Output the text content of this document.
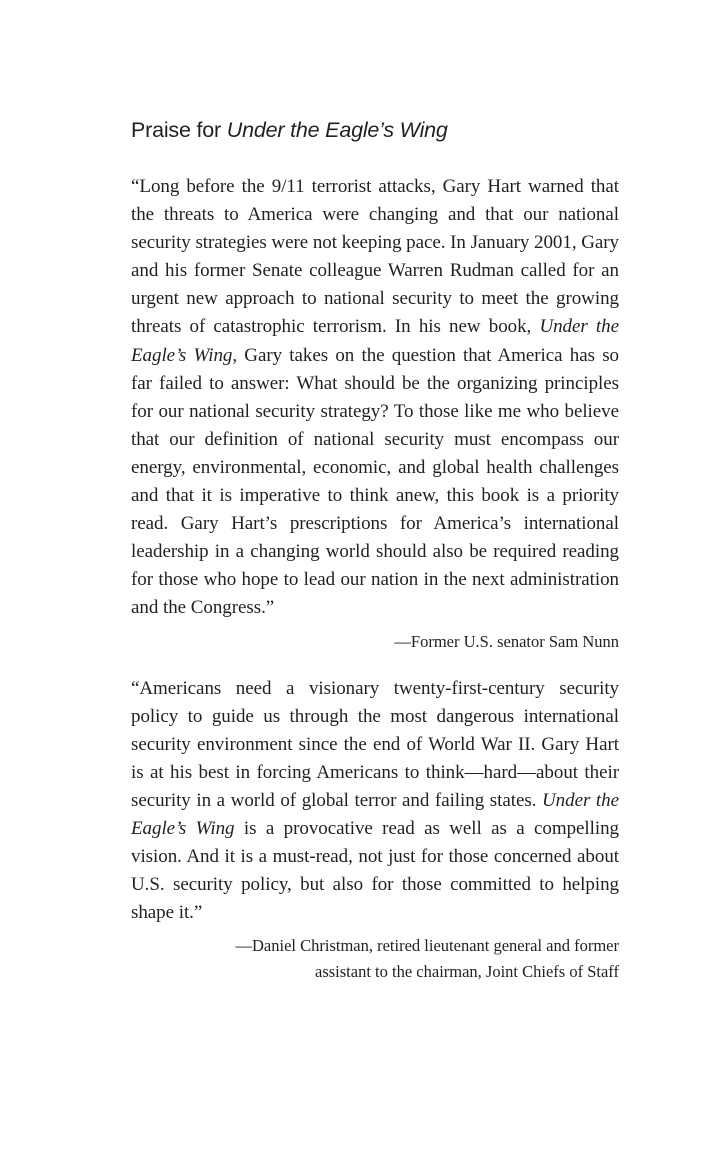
Praise for Under the Eagle’s Wing

“Long before the 9/11 terrorist attacks, Gary Hart warned that the threats to America were changing and that our national security strategies were not keeping pace. In January 2001, Gary and his former Senate colleague Warren Rudman called for an urgent new approach to national security to meet the growing threats of catastrophic terrorism. In his new book, Under the Eagle’s Wing, Gary takes on the question that America has so far failed to answer: What should be the organizing principles for our national security strategy? To those like me who believe that our definition of national security must encompass our energy, environmental, economic, and global health challenges and that it is imperative to think anew, this book is a priority read. Gary Hart’s prescriptions for America’s international leadership in a changing world should also be required reading for those who hope to lead our nation in the next administration and the Congress.”

—Former U.S. senator Sam Nunn

“Americans need a visionary twenty-first-century security policy to guide us through the most dangerous international security environment since the end of World War II. Gary Hart is at his best in forcing Americans to think—hard—about their security in a world of global terror and failing states. Under the Eagle’s Wing is a provocative read as well as a compelling vision. And it is a must-read, not just for those concerned about U.S. security policy, but also for those committed to helping shape it.”

—Daniel Christman, retired lieutenant general and former
assistant to the chairman, Joint Chiefs of Staff
